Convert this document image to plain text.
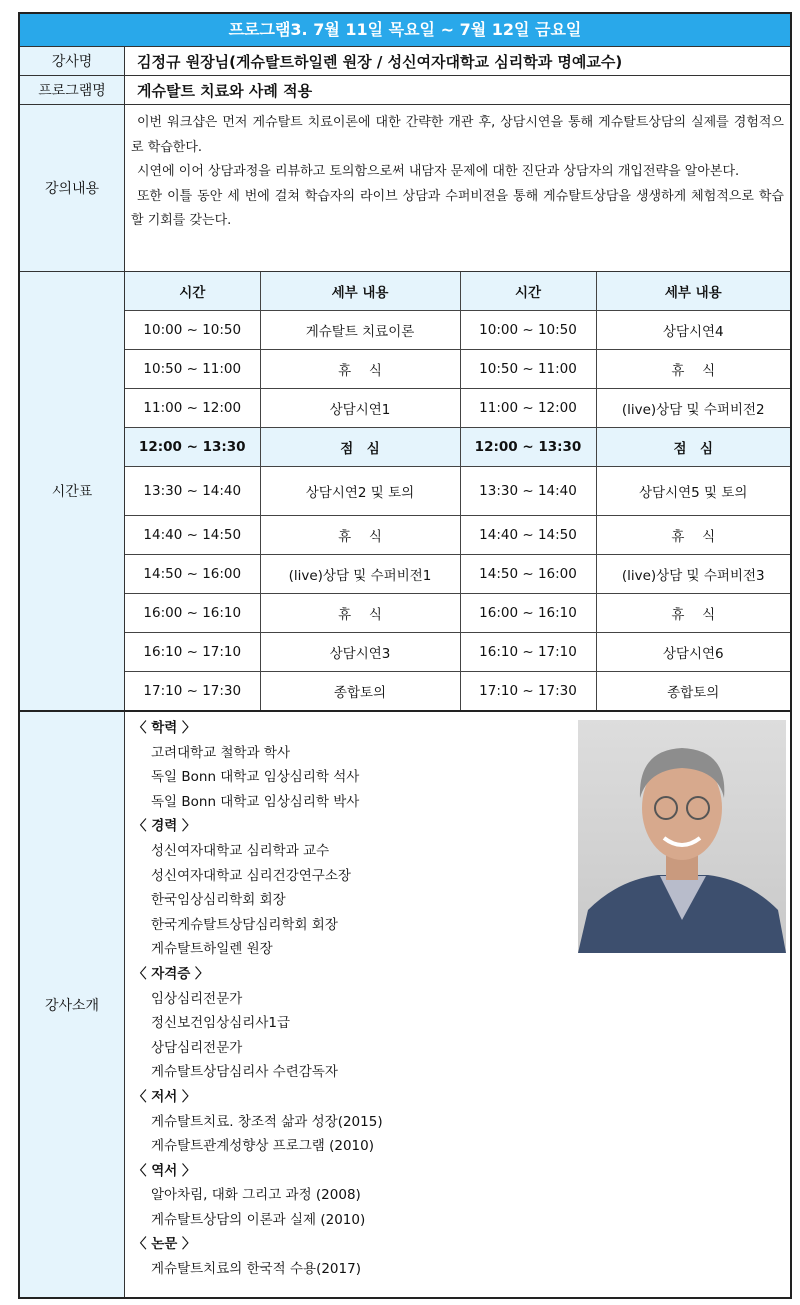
프로그램3. 7월 11일 목요일 ~ 7월 12일 금요일
강사명	김정규 원장님(게슈탈트하일렌 원장 / 성신여자대학교 심리학과 명예교수)
프로그램명	게슈탈트 치료와 사례 적용
강의내용
이번 워크샵은 먼저 게슈탈트 치료이론에 대한 간략한 개관 후, 상담시연을 통해 게슈탈트상담의 실제를 경험적으로 학습한다.
시연에 이어 상담과정을 리뷰하고 토의함으로써 내담자 문제에 대한 진단과 상담자의 개입전략을 알아본다.
또한 이틀 동안 세 번에 걸쳐 학습자의 라이브 상담과 수퍼비젼을 통해 게슈탈트상담을 생생하게 체험적으로 학습할 기회를 갖는다.
시간표
시간	세부 내용	시간	세부 내용
10:00 ~ 10:50	게슈탈트 치료이론	10:00 ~ 10:50	상담시연4
10:50 ~ 11:00	휴　 식	10:50 ~ 11:00	휴　 식
11:00 ~ 12:00	상담시연1	11:00 ~ 12:00	(live)상담 및 수퍼비전2
12:00 ~ 13:30	점　심	12:00 ~ 13:30	점　심
13:30 ~ 14:40	상담시연2 및 토의	13:30 ~ 14:40	상담시연5 및 토의
14:40 ~ 14:50	휴　 식	14:40 ~ 14:50	휴　 식
14:50 ~ 16:00	(live)상담 및 수퍼비전1	14:50 ~ 16:00	(live)상담 및 수퍼비전3
16:00 ~ 16:10	휴　 식	16:00 ~ 16:10	휴　 식
16:10 ~ 17:10	상담시연3	16:10 ~ 17:10	상담시연6
17:10 ~ 17:30	종합토의	17:10 ~ 17:30	종합토의
강사소개
〈 학력 〉
고려대학교 철학과 학사
독일 Bonn 대학교 임상심리학 석사
독일 Bonn 대학교 임상심리학 박사
〈 경력 〉
성신여자대학교 심리학과 교수
성신여자대학교 심리건강연구소장
한국임상심리학회 회장
한국게슈탈트상담심리학회 회장
게슈탈트하일렌 원장
〈 자격증 〉
임상심리전문가
정신보건임상심리사1급
상담심리전문가
게슈탈트상담심리사 수련감독자
〈 저서 〉
게슈탈트치료. 창조적 삶과 성장(2015)
게슈탈트관계성향상 프로그램 (2010)
〈 역서 〉
알아차림, 대화 그리고 과정 (2008)
게슈탈트상담의 이론과 실제 (2010)
〈 논문 〉
게슈탈트치료의 한국적 수용(2017)
